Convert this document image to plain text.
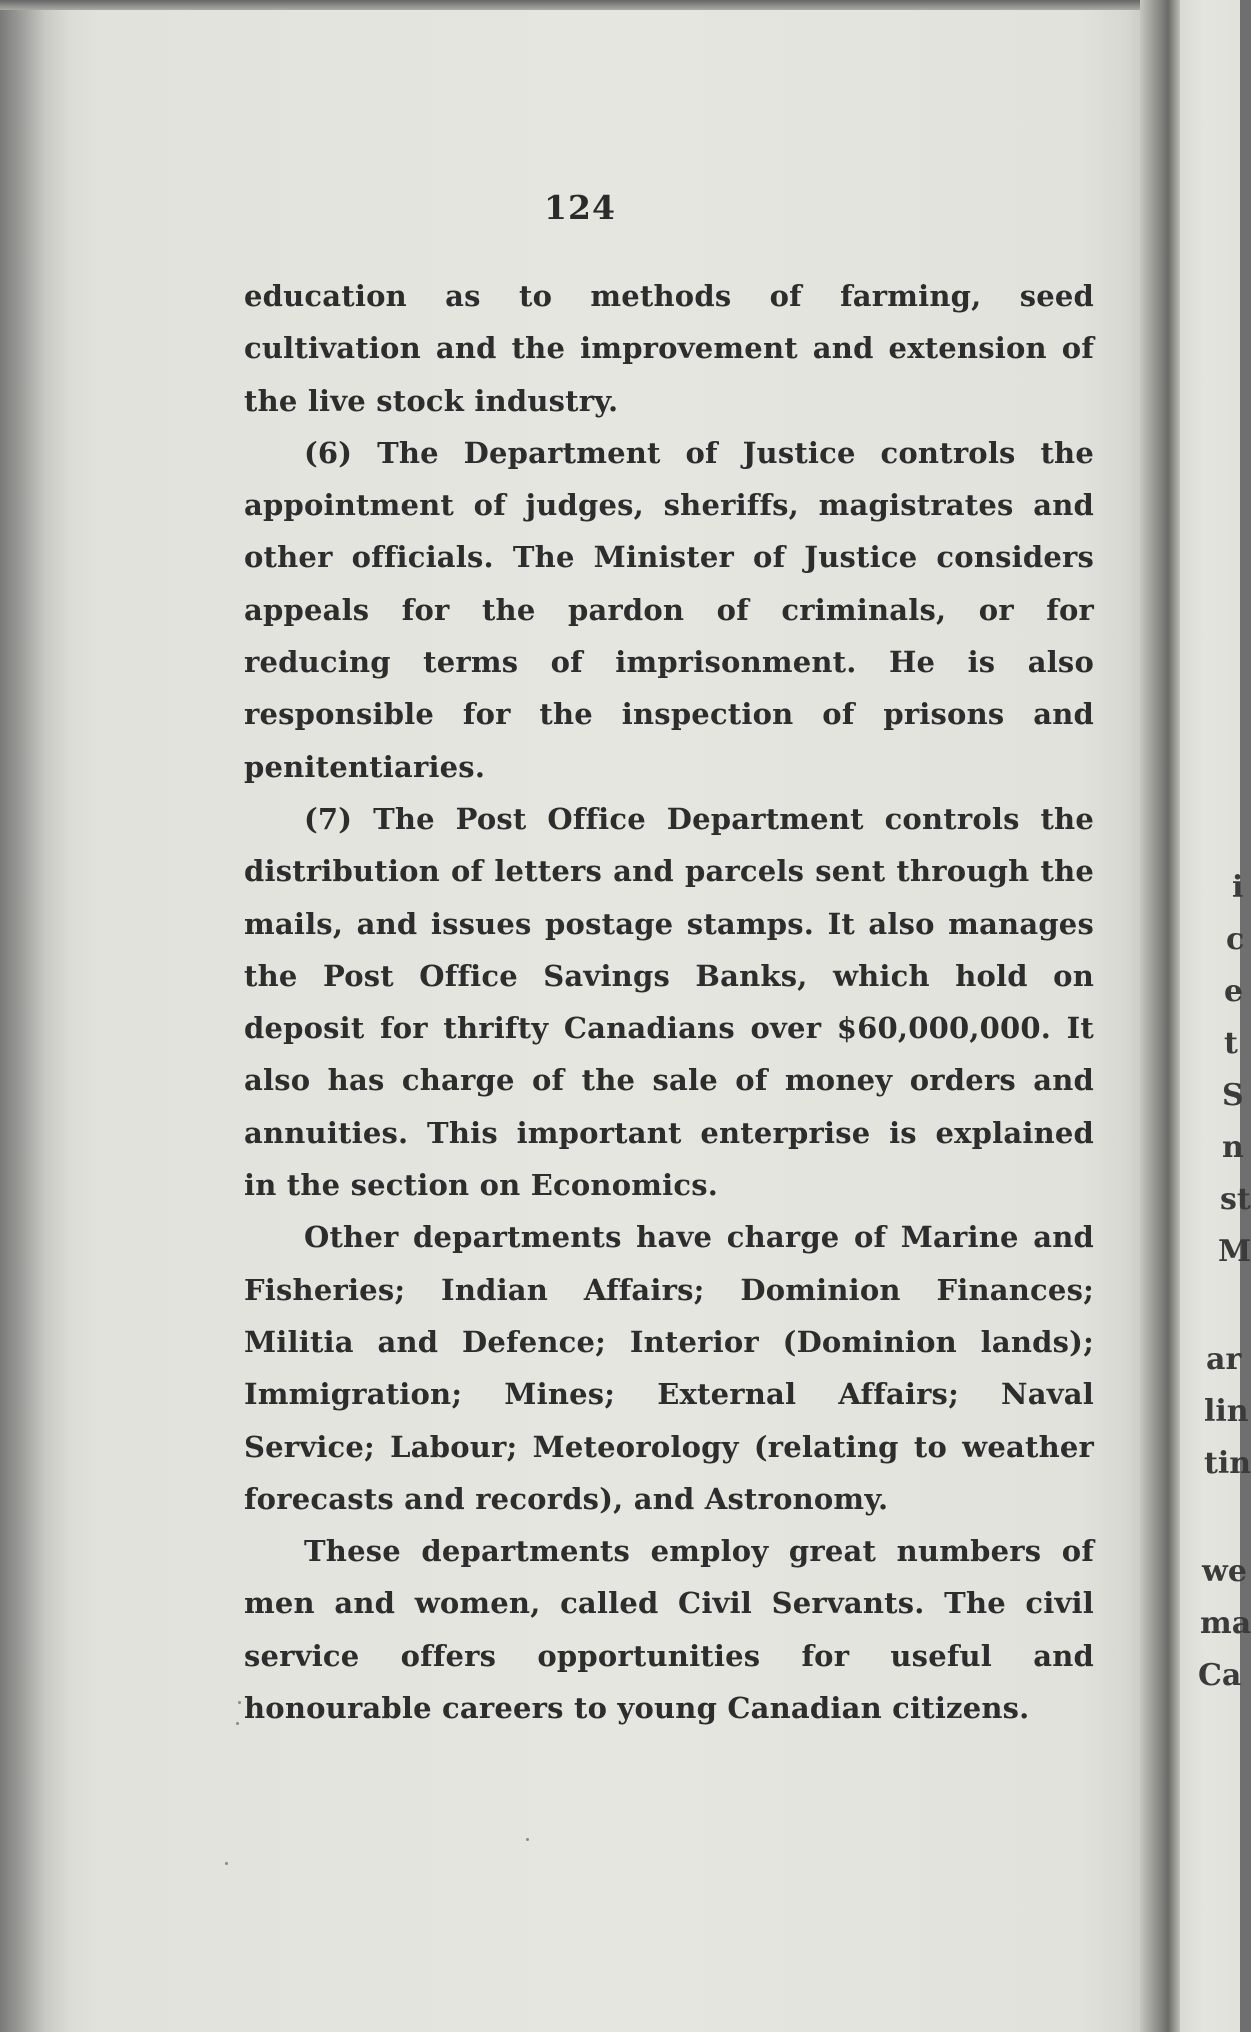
124

education as to methods of farming, seed cultivation and the improvement and extension of the live stock industry.

(6) The Department of Justice controls the appointment of judges, sheriffs, magistrates and other officials. The Minister of Justice considers appeals for the pardon of criminals, or for reducing terms of imprisonment. He is also responsible for the inspection of prisons and penitentiaries.

(7) The Post Office Department controls the distribution of letters and parcels sent through the mails, and issues postage stamps. It also manages the Post Office Savings Banks, which hold on deposit for thrifty Canadians over $60,000,000. It also has charge of the sale of money orders and annuities. This important enterprise is explained in the section on Economics.

Other departments have charge of Marine and Fisheries; Indian Affairs; Dominion Finances; Militia and Defence; Interior (Dominion lands); Immigration; Mines; External Affairs; Naval Service; Labour; Meteorology (relating to weather forecasts and records), and Astronomy.

These departments employ great numbers of men and women, called Civil Servants. The civil service offers opportunities for useful and honourable careers to young Canadian citizens.

i
c
e
t
S
n
st
M
ar
lin
tin
we
ma
Ca
